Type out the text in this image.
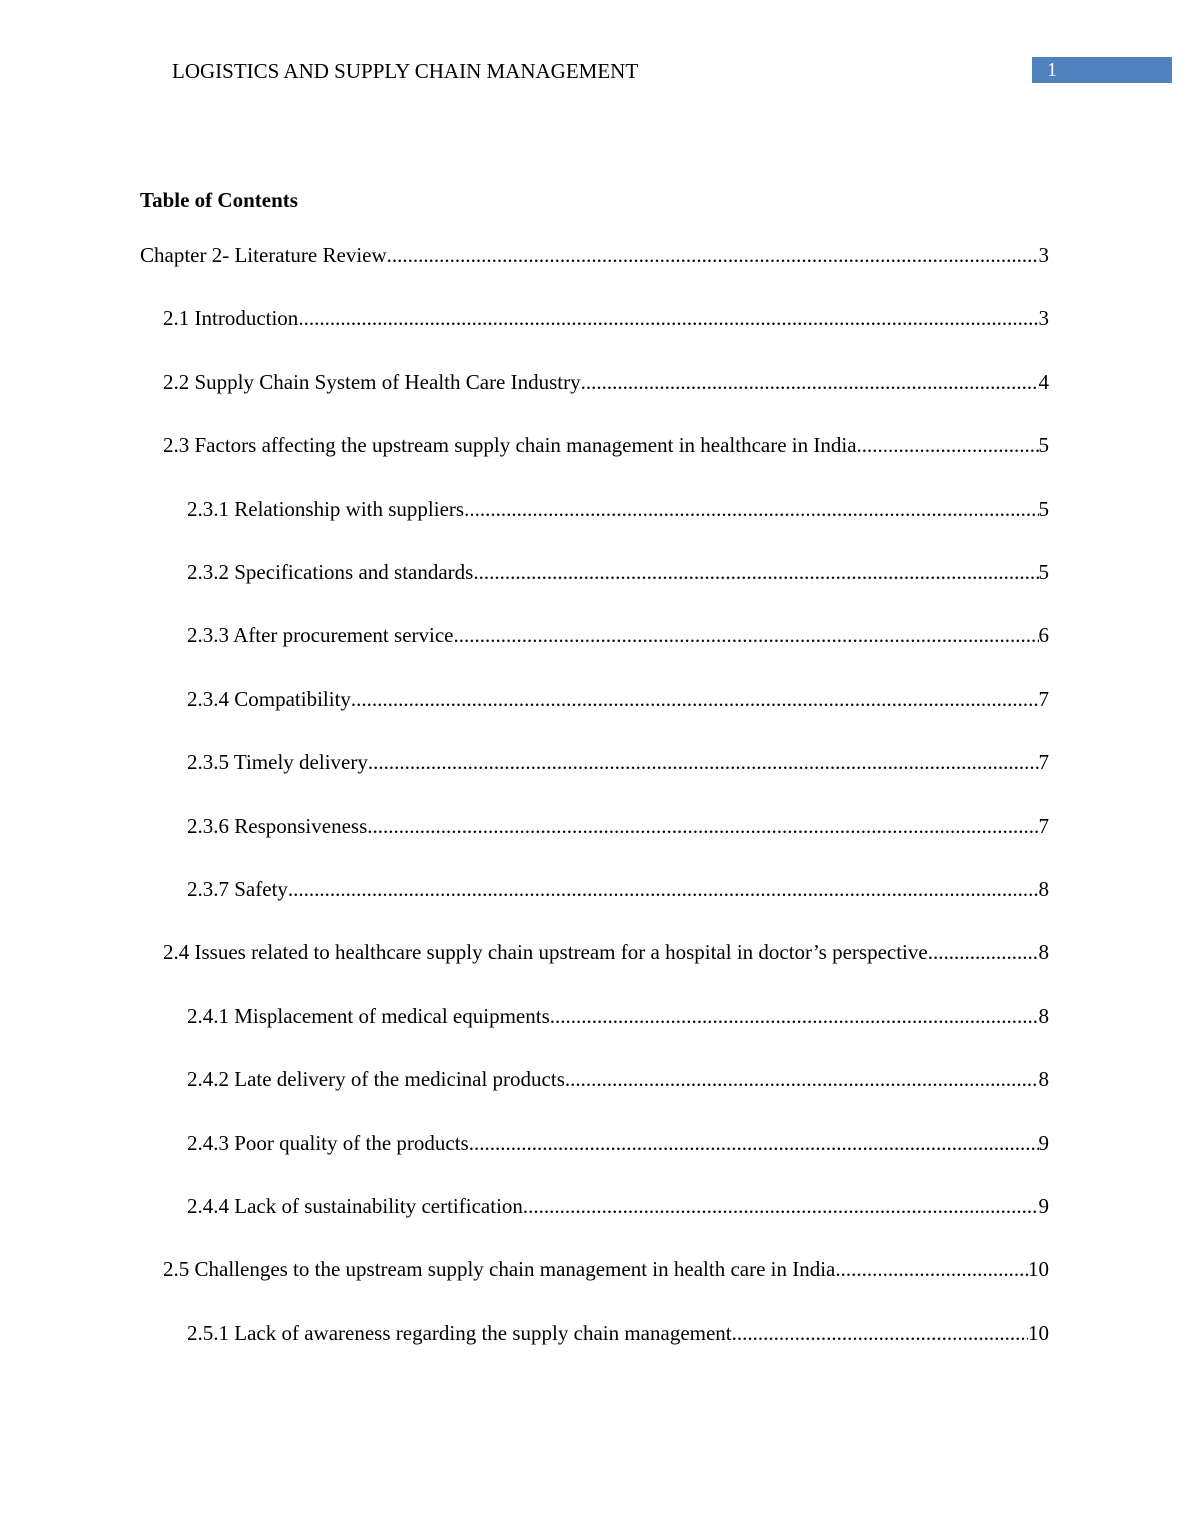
LOGISTICS AND SUPPLY CHAIN MANAGEMENT	1
Table of Contents
Chapter 2- Literature Review .....	3
2.1 Introduction .....	3
2.2 Supply Chain System of Health Care Industry .....	4
2.3 Factors affecting the upstream supply chain management in healthcare in India .....	5
2.3.1 Relationship with suppliers .....	5
2.3.2 Specifications and standards .....	5
2.3.3 After procurement service .....	6
2.3.4 Compatibility .....	7
2.3.5 Timely delivery .....	7
2.3.6 Responsiveness .....	7
2.3.7 Safety .....	8
2.4 Issues related to healthcare supply chain upstream for a hospital in doctor’s perspective .....	8
2.4.1 Misplacement of medical equipments .....	8
2.4.2 Late delivery of the medicinal products .....	8
2.4.3 Poor quality of the products .....	9
2.4.4 Lack of sustainability certification .....	9
2.5 Challenges to the upstream supply chain management in health care in India .....	10
2.5.1 Lack of awareness regarding the supply chain management .....	10
